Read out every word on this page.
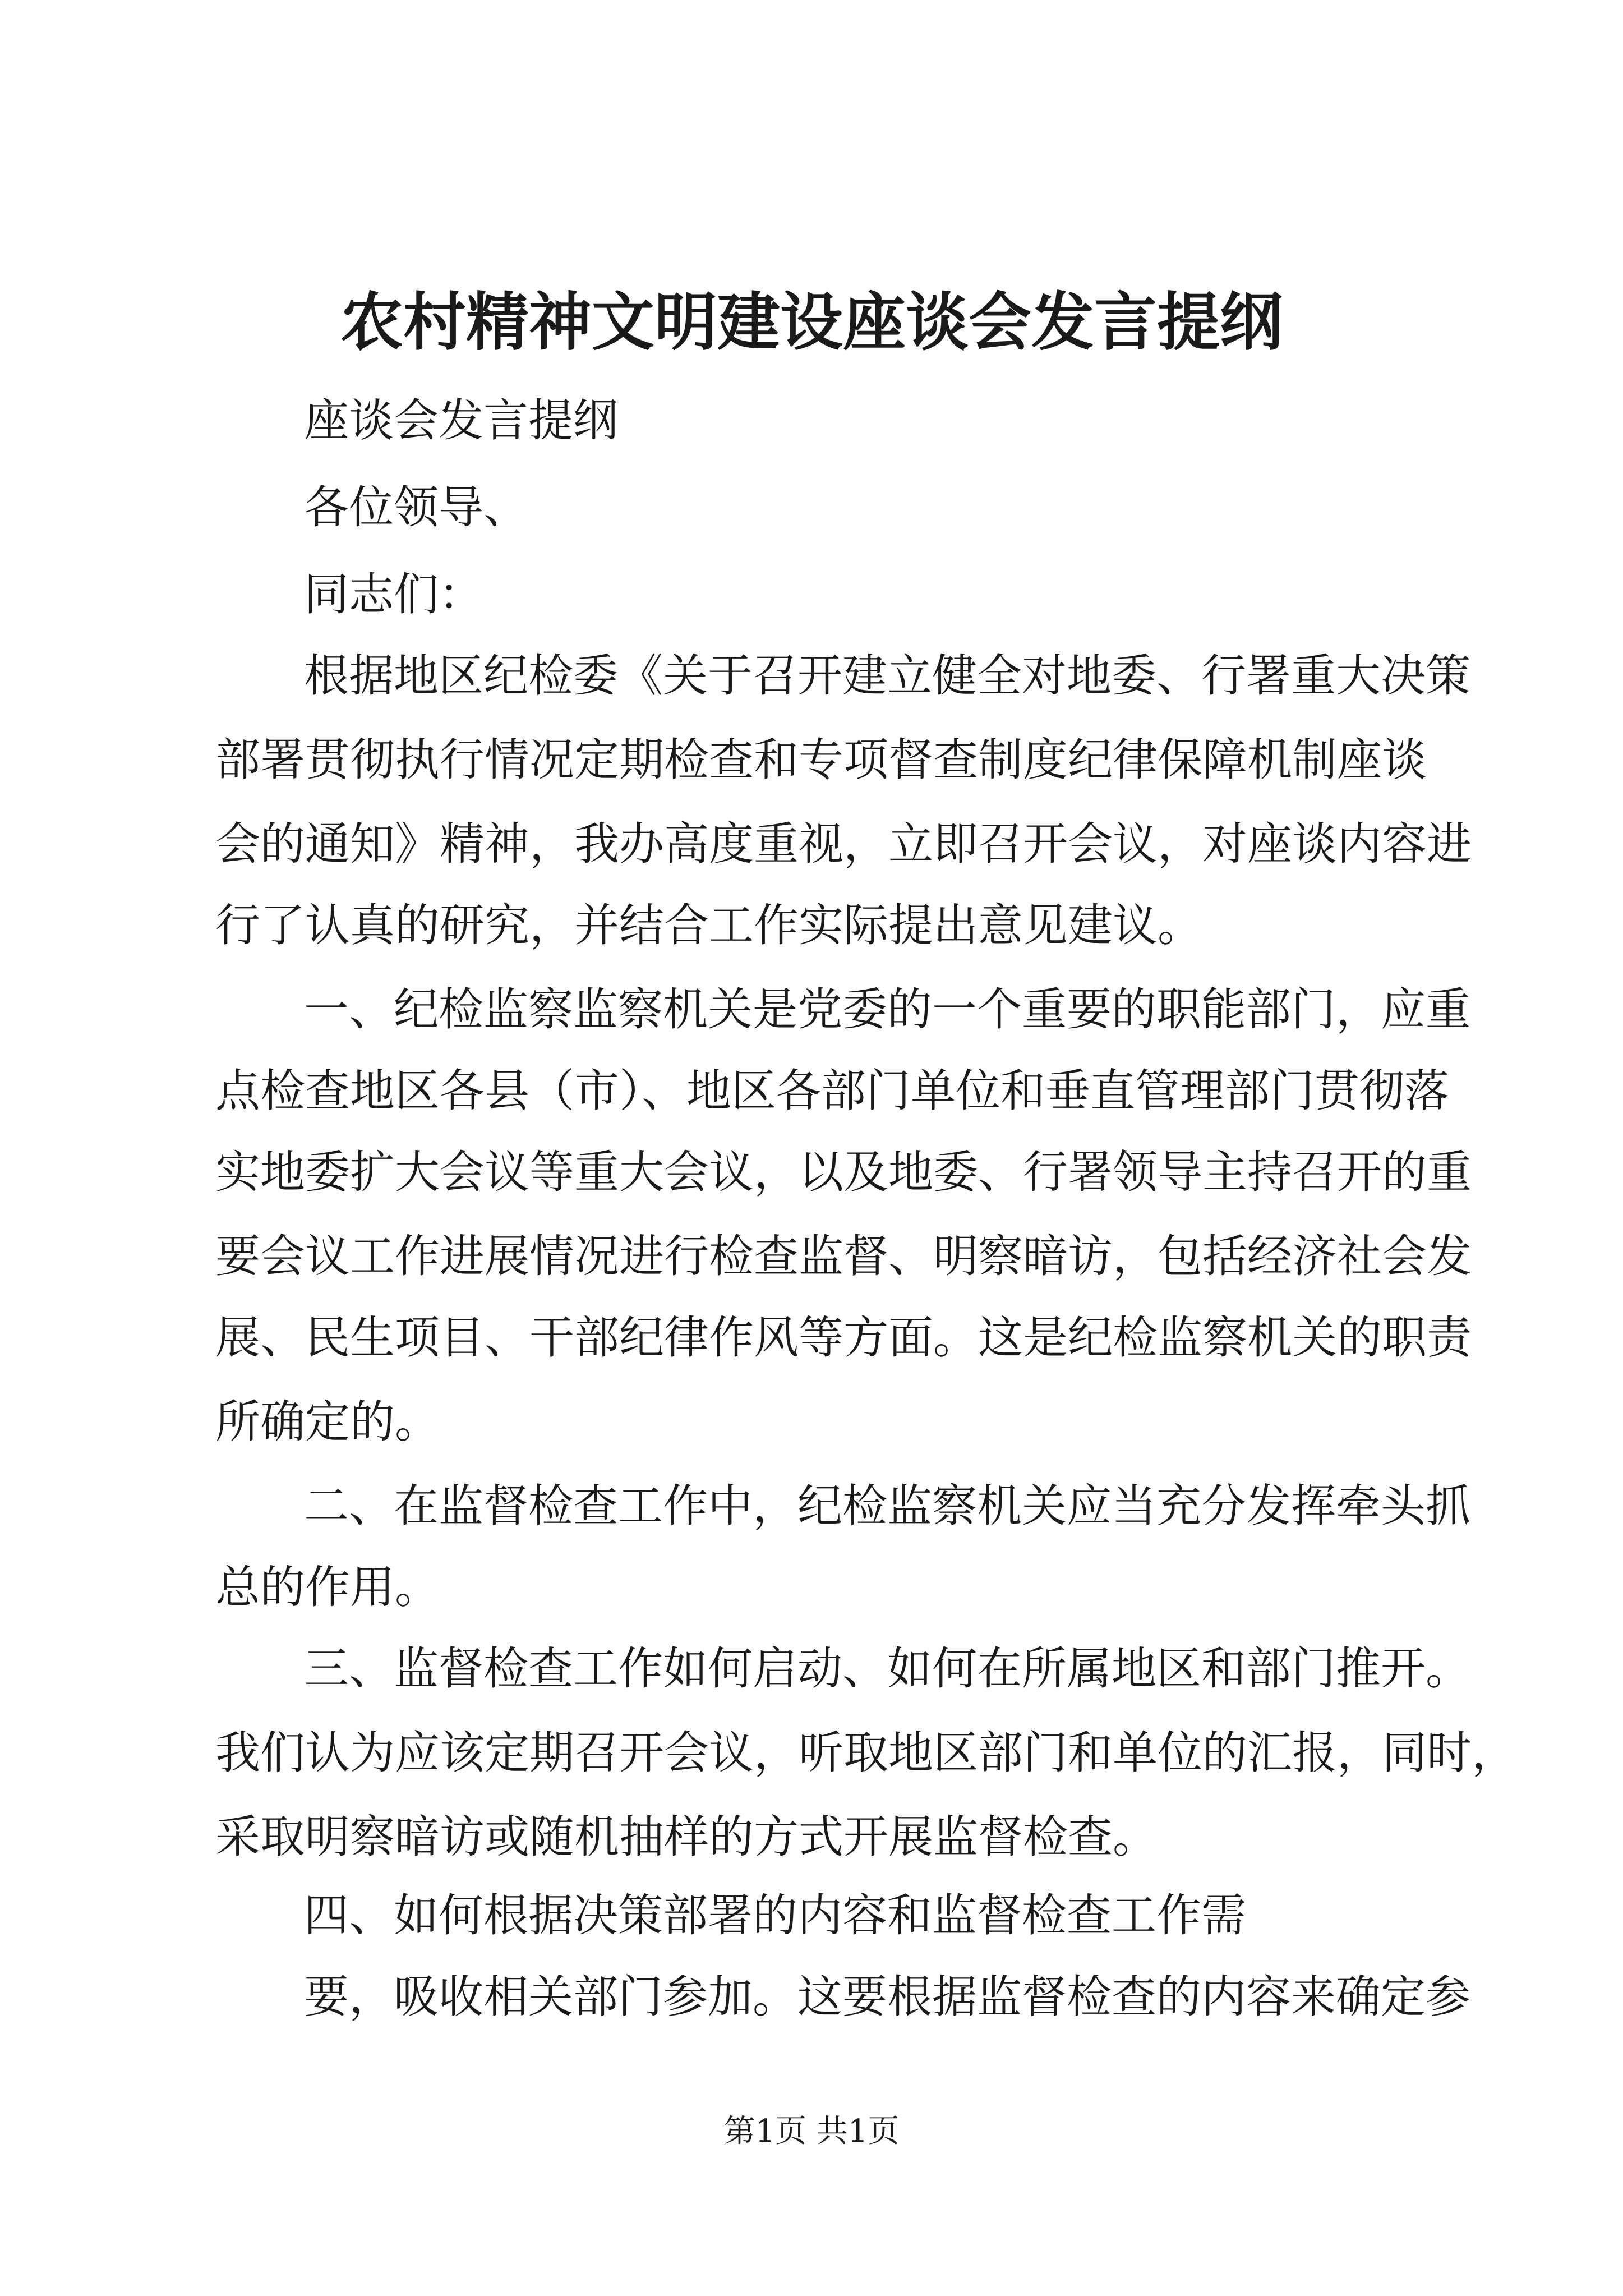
农村精神文明建设座谈会发言提纲
座谈会发言提纲
各位领导、
同志们：
根据地区纪检委《关于召开建立健全对地委、行署重大决策
部署贯彻执行情况定期检查和专项督查制度纪律保障机制座谈
会的通知》精神，我办高度重视，立即召开会议，对座谈内容进
行了认真的研究，并结合工作实际提出意见建议。
一、纪检监察监察机关是党委的一个重要的职能部门，应重
点检查地区各县（市）、地区各部门单位和垂直管理部门贯彻落
实地委扩大会议等重大会议，以及地委、行署领导主持召开的重
要会议工作进展情况进行检查监督、明察暗访，包括经济社会发
展、民生项目、干部纪律作风等方面。这是纪检监察机关的职责
所确定的。
二、在监督检查工作中，纪检监察机关应当充分发挥牵头抓
总的作用。
三、监督检查工作如何启动、如何在所属地区和部门推开。
我们认为应该定期召开会议，听取地区部门和单位的汇报，同时，
采取明察暗访或随机抽样的方式开展监督检查。
四、如何根据决策部署的内容和监督检查工作需
要，吸收相关部门参加。这要根据监督检查的内容来确定参
第1页 共1页
